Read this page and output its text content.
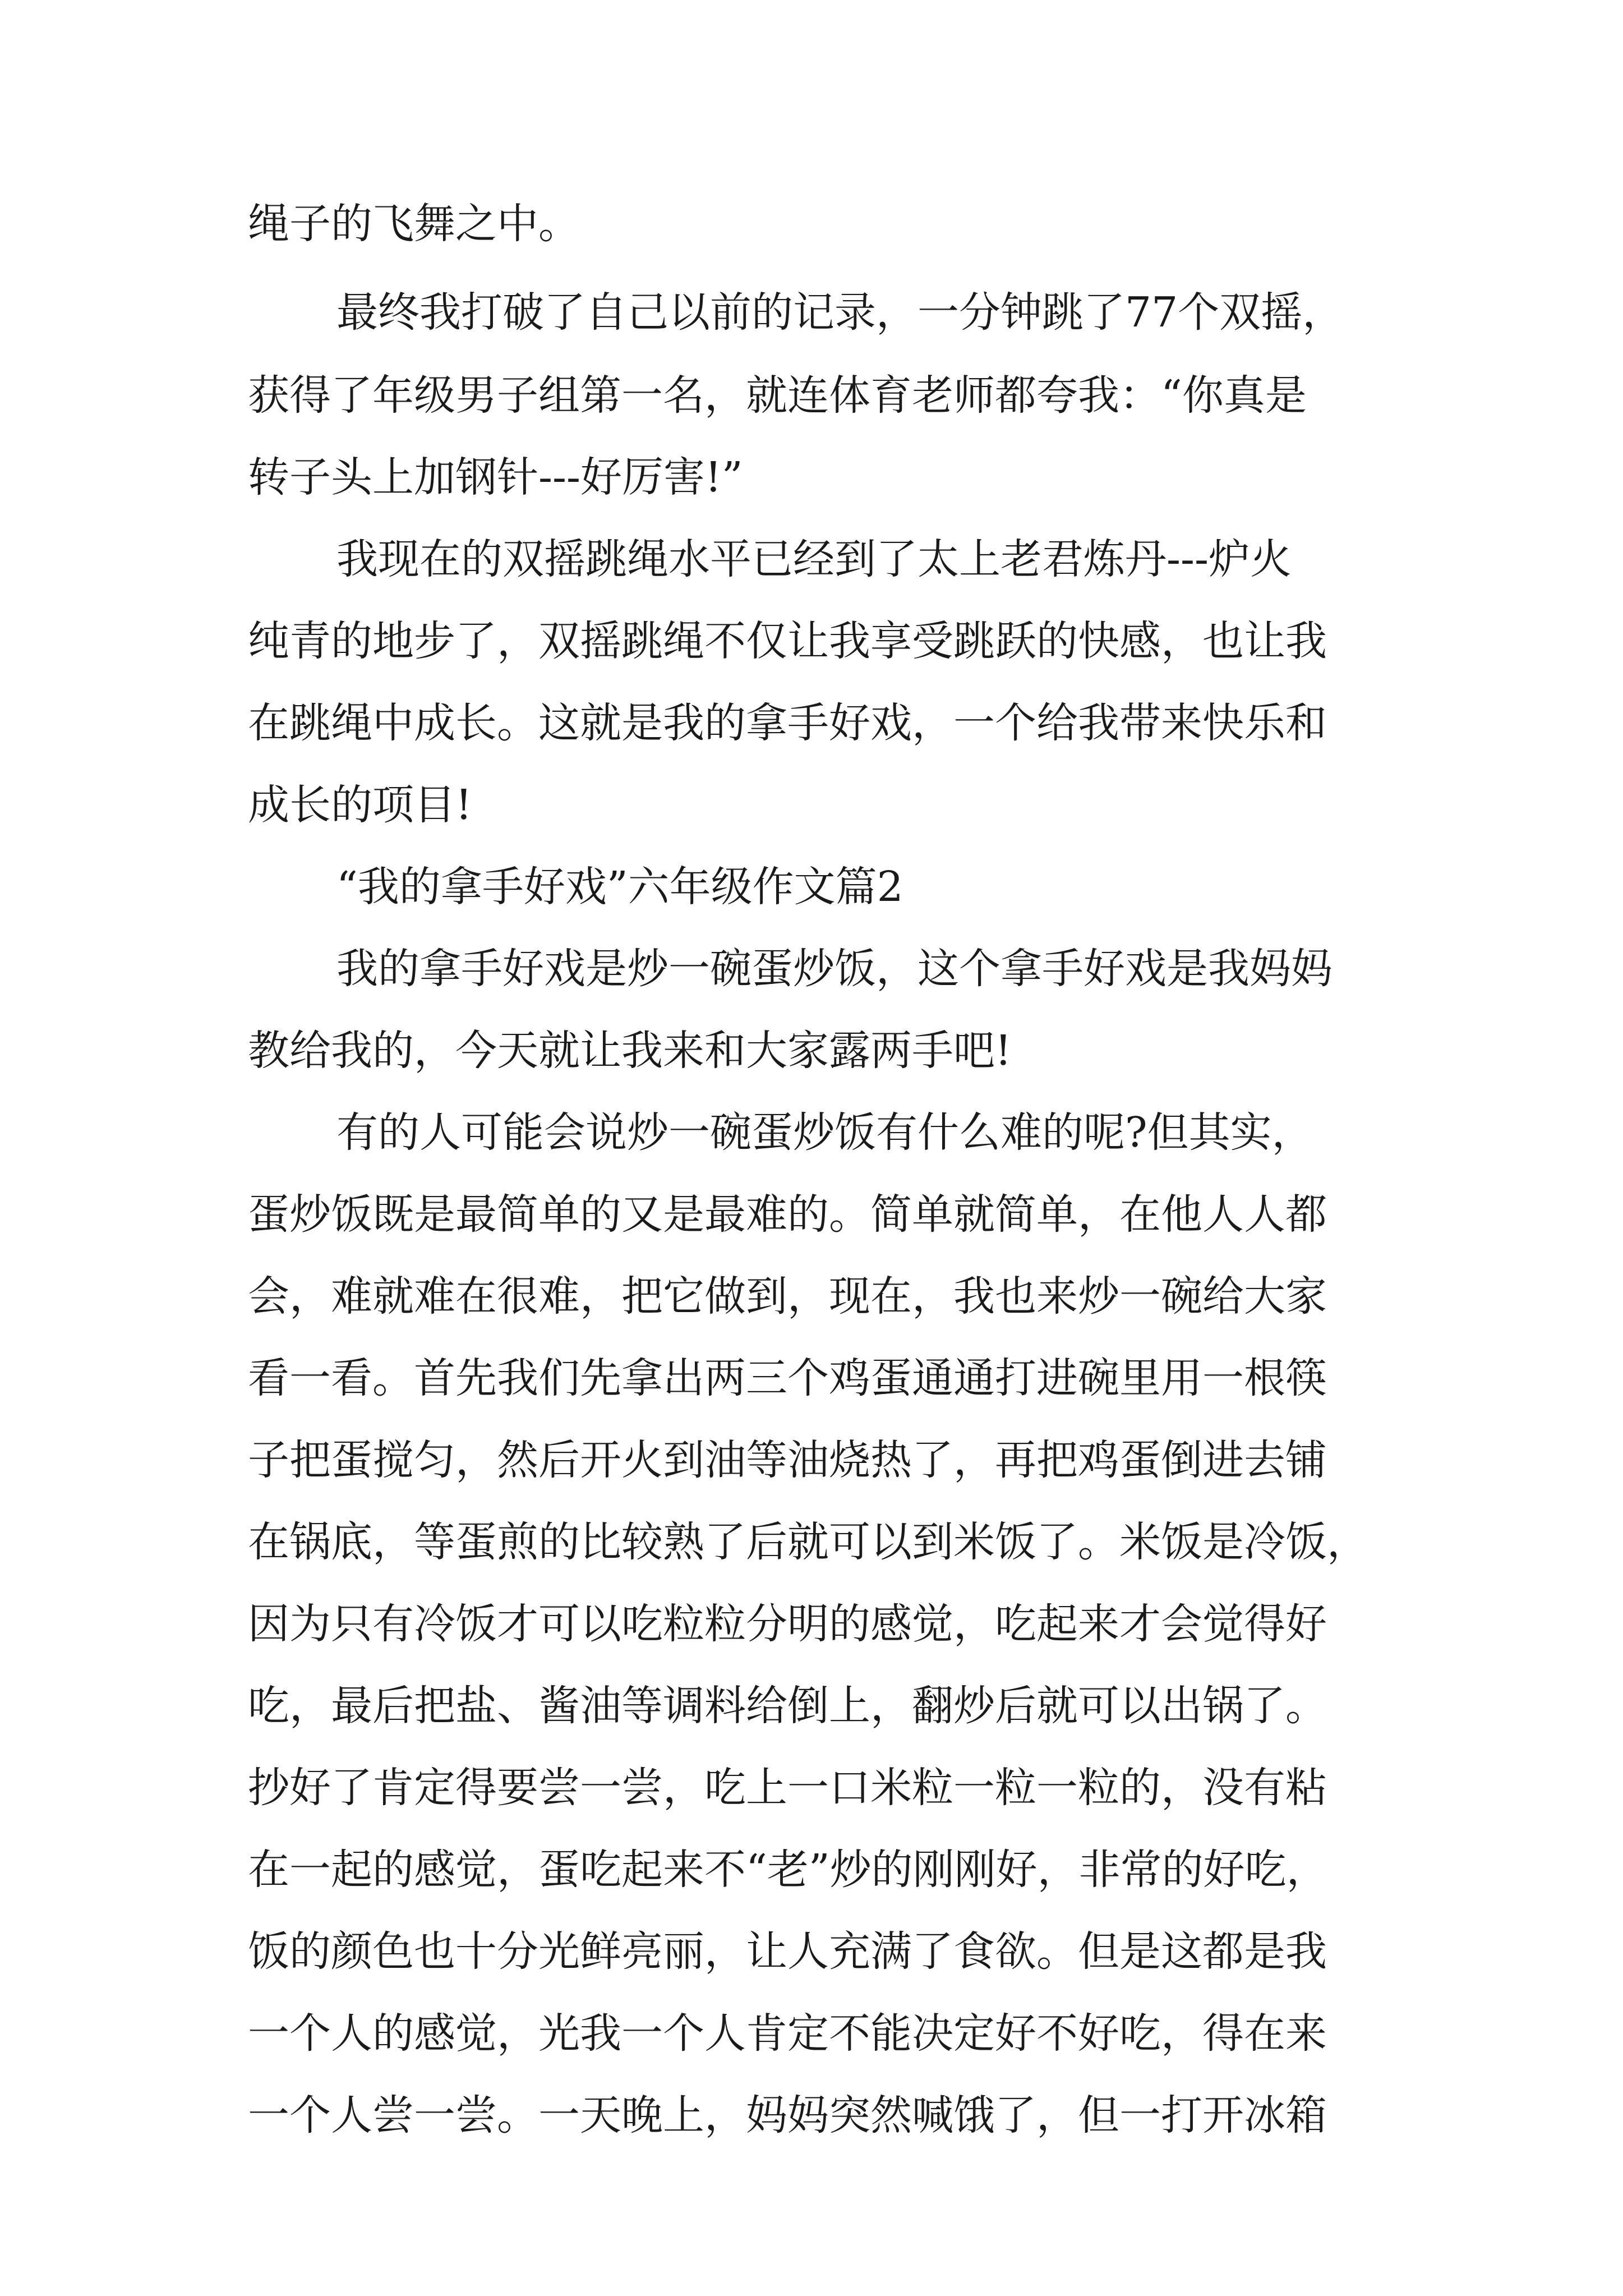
绳子的飞舞之中。
最终我打破了自己以前的记录，一分钟跳了77个双摇，
获得了年级男子组第一名，就连体育老师都夸我：“你真是
转子头上加钢针---好厉害!”
我现在的双摇跳绳水平已经到了太上老君炼丹---炉火
纯青的地步了，双摇跳绳不仅让我享受跳跃的快感，也让我
在跳绳中成长。这就是我的拿手好戏，一个给我带来快乐和
成长的项目!
“我的拿手好戏”六年级作文篇2
我的拿手好戏是炒一碗蛋炒饭，这个拿手好戏是我妈妈
教给我的，今天就让我来和大家露两手吧!
有的人可能会说炒一碗蛋炒饭有什么难的呢?但其实，
蛋炒饭既是最简单的又是最难的。简单就简单，在他人人都
会，难就难在很难，把它做到，现在，我也来炒一碗给大家
看一看。首先我们先拿出两三个鸡蛋通通打进碗里用一根筷
子把蛋搅匀，然后开火到油等油烧热了，再把鸡蛋倒进去铺
在锅底，等蛋煎的比较熟了后就可以到米饭了。米饭是冷饭，
因为只有冷饭才可以吃粒粒分明的感觉，吃起来才会觉得好
吃，最后把盐、酱油等调料给倒上，翻炒后就可以出锅了。
抄好了肯定得要尝一尝，吃上一口米粒一粒一粒的，没有粘
在一起的感觉，蛋吃起来不“老”炒的刚刚好，非常的好吃，
饭的颜色也十分光鲜亮丽，让人充满了食欲。但是这都是我
一个人的感觉，光我一个人肯定不能决定好不好吃，得在来
一个人尝一尝。一天晚上，妈妈突然喊饿了，但一打开冰箱
